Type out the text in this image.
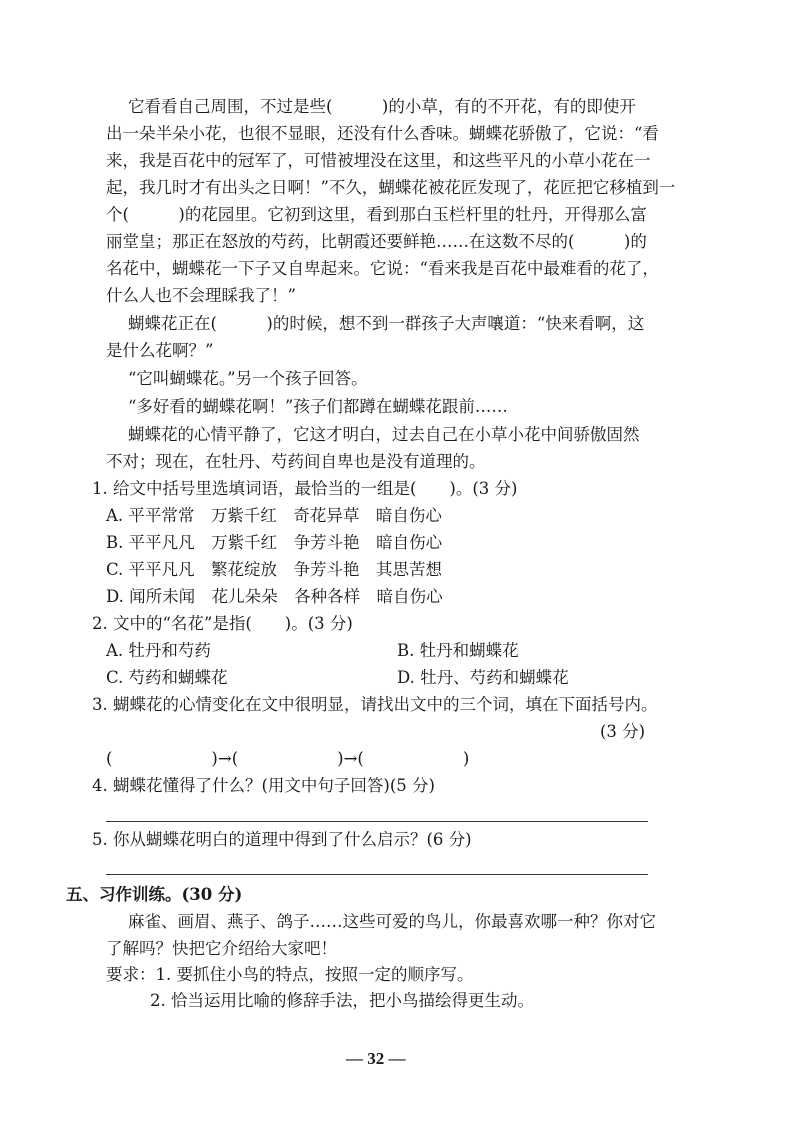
它看看自己周围，不过是些(　　　)的小草，有的不开花，有的即使开
出一朵半朵小花，也很不显眼，还没有什么香味。蝴蝶花骄傲了，它说：“看
来，我是百花中的冠军了，可惜被埋没在这里，和这些平凡的小草小花在一
起，我几时才有出头之日啊！”不久，蝴蝶花被花匠发现了，花匠把它移植到一
个(　　　)的花园里。它初到这里，看到那白玉栏杆里的牡丹，开得那么富
丽堂皇；那正在怒放的芍药，比朝霞还要鲜艳……在这数不尽的(　　　)的
名花中，蝴蝶花一下子又自卑起来。它说：“看来我是百花中最难看的花了，
什么人也不会理睬我了！”
蝴蝶花正在(　　　)的时候，想不到一群孩子大声嚷道：“快来看啊，这
是什么花啊？”
“它叫蝴蝶花。”另一个孩子回答。
“多好看的蝴蝶花啊！”孩子们都蹲在蝴蝶花跟前……
蝴蝶花的心情平静了，它这才明白，过去自己在小草小花中间骄傲固然
不对；现在，在牡丹、芍药间自卑也是没有道理的。
1. 给文中括号里选填词语，最恰当的一组是(　　)。(3 分)
A. 平平常常　万紫千红　奇花异草　暗自伤心
B. 平平凡凡　万紫千红　争芳斗艳　暗自伤心
C. 平平凡凡　繁花绽放　争芳斗艳　其思苦想
D. 闻所未闻　花儿朵朵　各种各样　暗自伤心
2. 文中的“名花”是指(　　)。(3 分)
A. 牡丹和芍药	B. 牡丹和蝴蝶花
C. 芍药和蝴蝶花	D. 牡丹、芍药和蝴蝶花
3. 蝴蝶花的心情变化在文中很明显，请找出文中的三个词，填在下面括号内。
(3 分)
(　　　　　　)→(　　　　　　)→(　　　　　　)
4. 蝴蝶花懂得了什么？(用文中句子回答)(5 分)
5. 你从蝴蝶花明白的道理中得到了什么启示？(6 分)
五、习作训练。(30 分)
麻雀、画眉、燕子、鸽子……这些可爱的鸟儿，你最喜欢哪一种？你对它
了解吗？快把它介绍给大家吧！
要求：1. 要抓住小鸟的特点，按照一定的顺序写。
2. 恰当运用比喻的修辞手法，把小鸟描绘得更生动。
— 32 —
